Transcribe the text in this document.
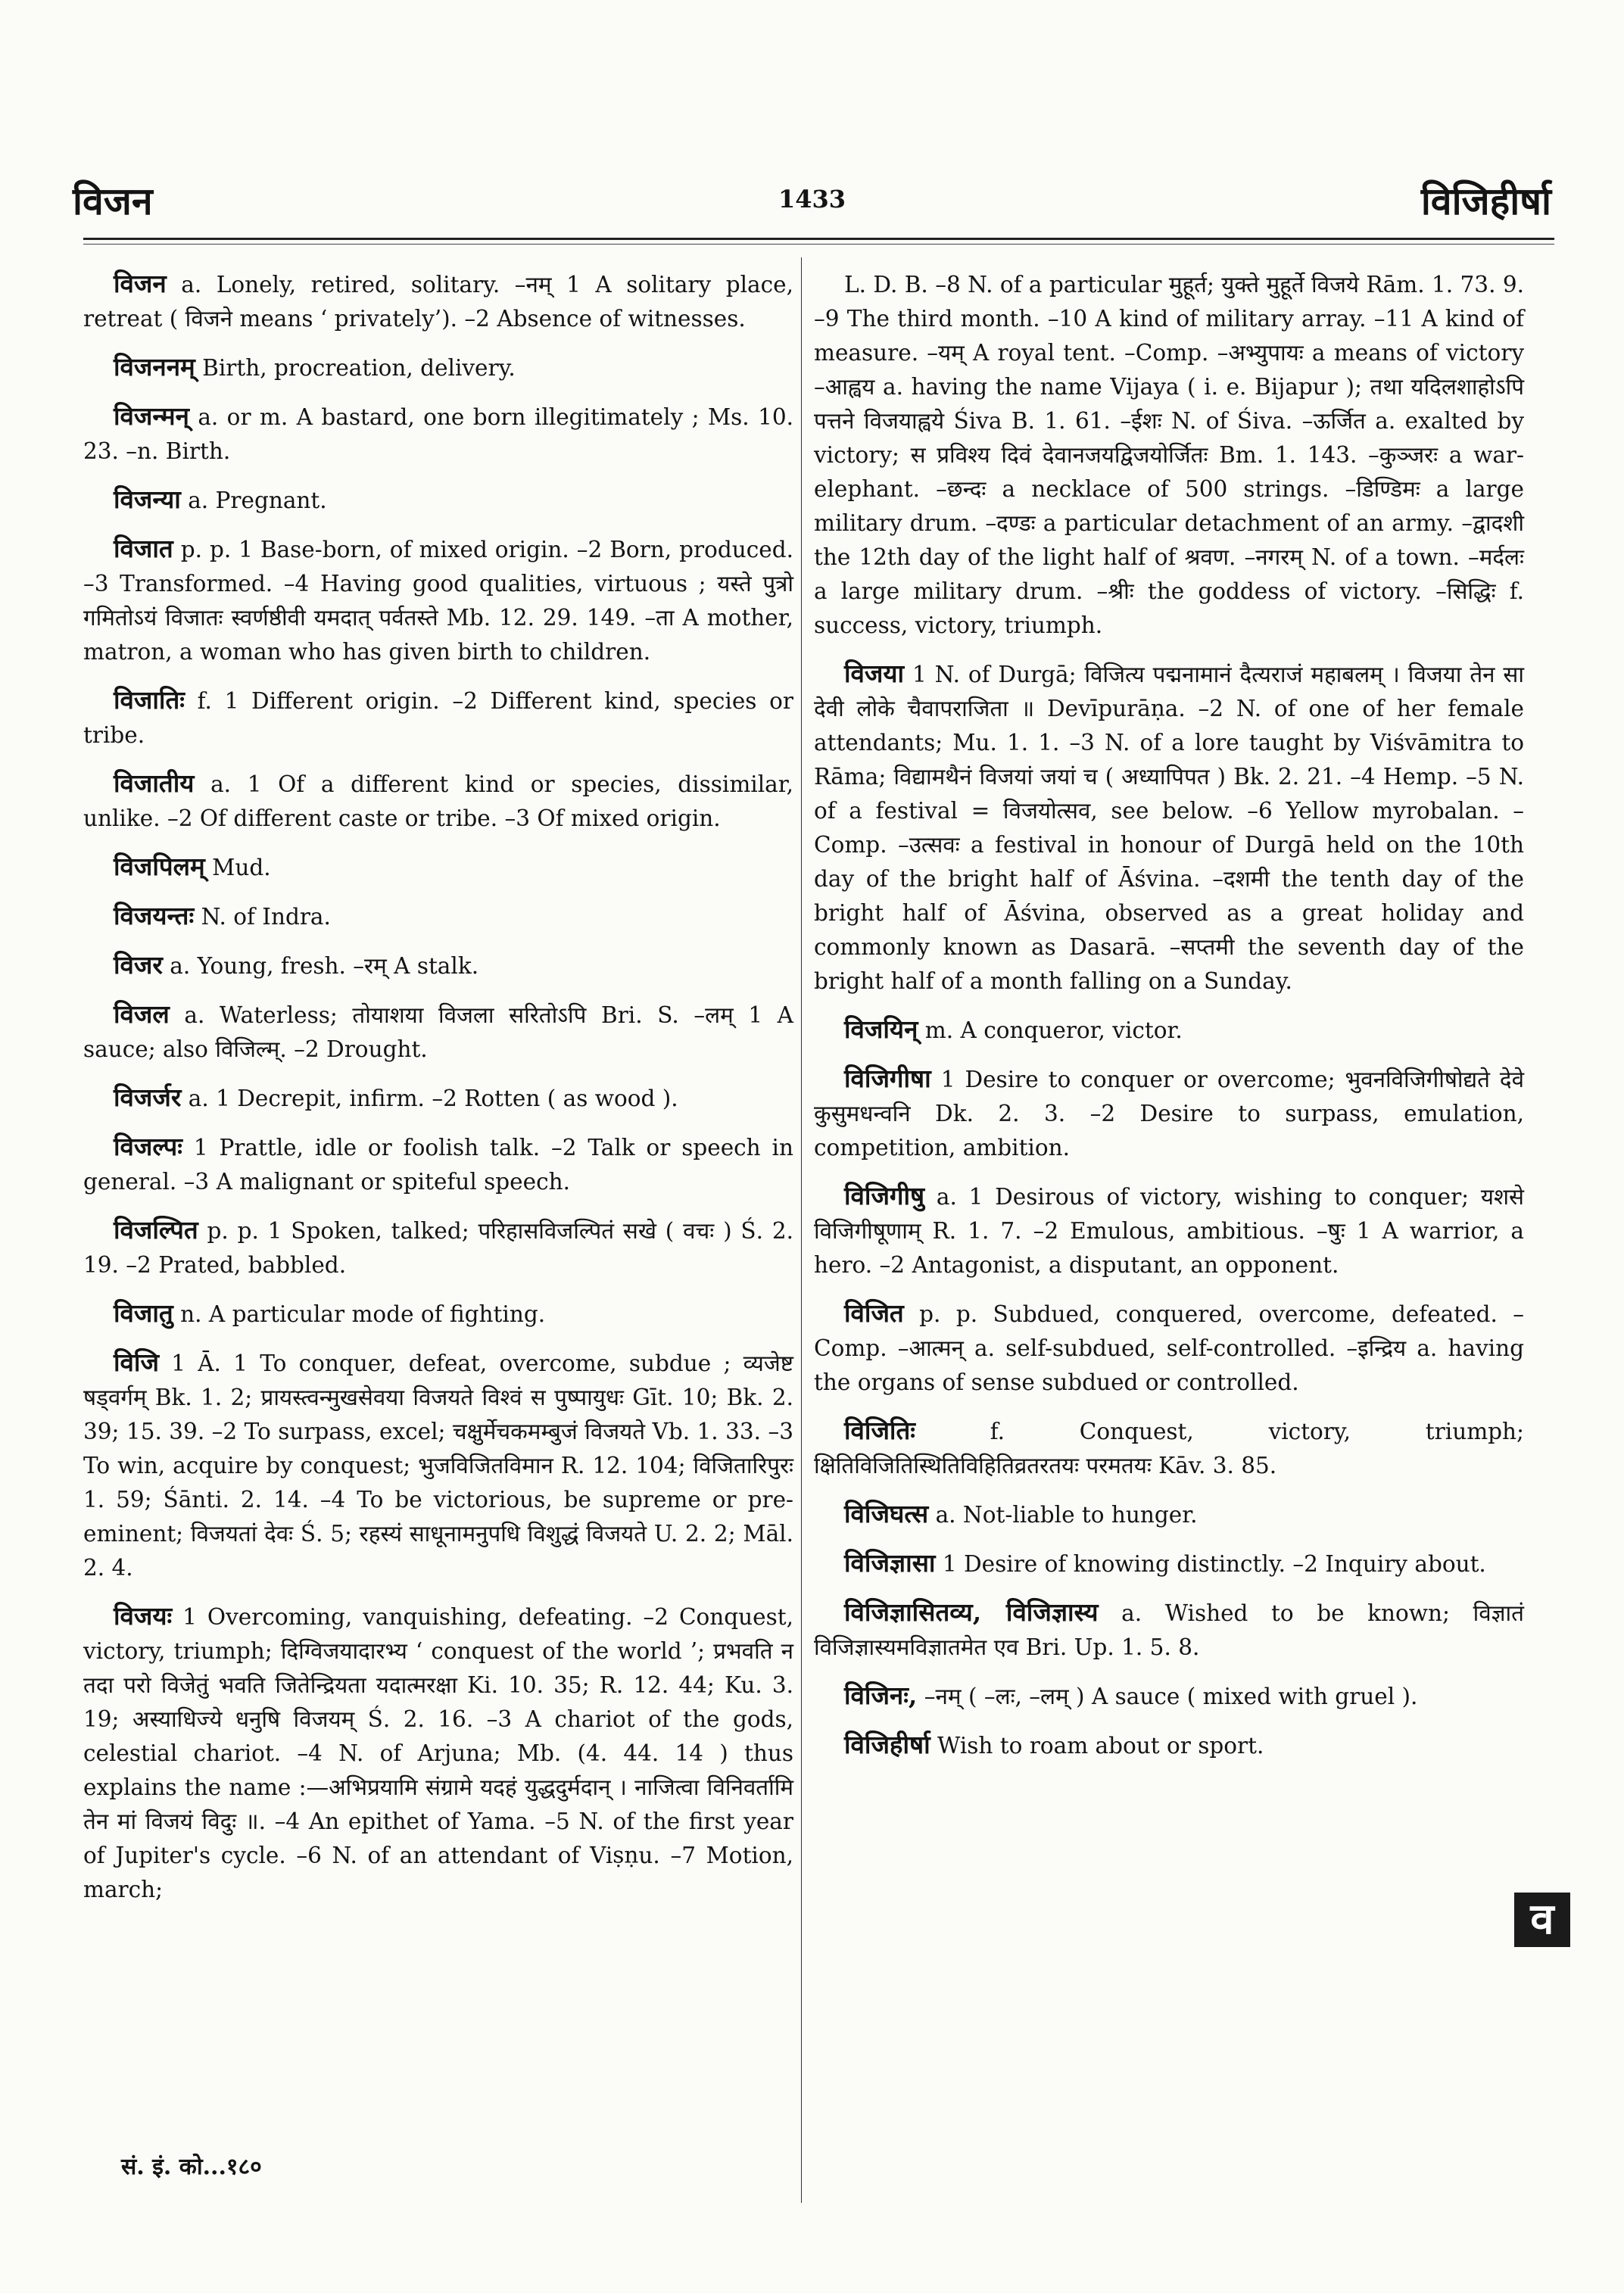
विजन	1433	विजिहीर्षा

विजन a. Lonely, retired, solitary. –नम् 1 A solitary place, retreat ( विजने means ‘ privately’). –2 Absence of witnesses.

विजननम् Birth, procreation, delivery.

विजन्मन् a. or m. A bastard, one born illegitimately ; Ms. 10. 23. –n. Birth.

विजन्या a. Pregnant.

विजात p. p. 1 Base-born, of mixed origin. –2 Born, produced. –3 Transformed. –4 Having good qualities, virtuous ; यस्ते पुत्रो गमितोऽयं विजातः स्वर्णष्ठीवी यमदात् पर्वतस्ते Mb. 12. 29. 149. –ता A mother, matron, a woman who has given birth to children.

विजातिः f. 1 Different origin. –2 Different kind, species or tribe.

विजातीय a. 1 Of a different kind or species, dissimilar, unlike. –2 Of different caste or tribe. –3 Of mixed origin.

विजपिलम् Mud.

विजयन्तः N. of Indra.

विजर a. Young, fresh. –रम् A stalk.

विजल a. Waterless; तोयाशया विजला सरितोऽपि Bri. S. –लम् 1 A sauce; also विजिल्म्. –2 Drought.

विजर्जर a. 1 Decrepit, infirm. –2 Rotten ( as wood ).

विजल्पः 1 Prattle, idle or foolish talk. –2 Talk or speech in general. –3 A malignant or spiteful speech.

विजल्पित p. p. 1 Spoken, talked; परिहासविजल्पितं सखे ( वचः ) Ś. 2. 19. –2 Prated, babbled.

विजातु n. A particular mode of fighting.

विजि 1 Ā. 1 To conquer, defeat, overcome, subdue ; व्यजेष्ट षड्वर्गम् Bk. 1. 2; प्रायस्त्वन्मुखसेवया विजयते विश्वं स पुष्पायुधः Gīt. 10; Bk. 2. 39; 15. 39. –2 To surpass, excel; चक्षुर्मेचकमम्बुजं विजयते Vb. 1. 33. –3 To win, acquire by conquest; भुजविजितविमान R. 12. 104; विजितारिपुरः 1. 59; Śānti. 2. 14. –4 To be victorious, be supreme or pre-eminent; विजयतां देवः Ś. 5; रहस्यं साधूनामनुपधि विशुद्धं विजयते U. 2. 2; Māl. 2. 4.

विजयः 1 Overcoming, vanquishing, defeating. –2 Conquest, victory, triumph; दिग्विजयादारभ्य ‘ conquest of the world ’; प्रभवति न तदा परो विजेतुं भवति जितेन्द्रियता यदात्मरक्षा Ki. 10. 35; R. 12. 44; Ku. 3. 19; अस्याधिज्ये धनुषि विजयम् Ś. 2. 16. –3 A chariot of the gods, celestial chariot. –4 N. of Arjuna; Mb. (4. 44. 14 ) thus explains the name :—अभिप्रयामि संग्रामे यदहं युद्धदुर्मदान् । नाजित्वा विनिवर्तामि तेन मां विजयं विदुः ॥. –4 An epithet of Yama. –5 N. of the first year of Jupiter's cycle. –6 N. of an attendant of Viṣṇu. –7 Motion, march;

L. D. B. –8 N. of a particular मुहूर्त; युक्ते मुहूर्ते विजये Rām. 1. 73. 9. –9 The third month. –10 A kind of military array. –11 A kind of measure. –यम् A royal tent. –Comp. –अभ्युपायः a means of victory –आह्वय a. having the name Vijaya ( i. e. Bijapur ); तथा यदिलशाहोऽपि पत्तने विजयाह्वये Śiva B. 1. 61. –ईशः N. of Śiva. –ऊर्जित a. exalted by victory; स प्रविश्य दिवं देवानजयद्विजयोर्जितः Bm. 1. 143. –कुञ्जरः a war-elephant. –छन्दः a necklace of 500 strings. –डिण्डिमः a large military drum. –दण्डः a particular detachment of an army. –द्वादशी the 12th day of the light half of श्रवण. –नगरम् N. of a town. –मर्दलः a large military drum. –श्रीः the goddess of victory. –सिद्धिः f. success, victory, triumph.

विजया 1 N. of Durgā; विजित्य पद्मनामानं दैत्यराजं महाबलम् । विजया तेन सा देवी लोके चैवापराजिता ॥ Devīpurāṇa. –2 N. of one of her female attendants; Mu. 1. 1. –3 N. of a lore taught by Viśvāmitra to Rāma; विद्यामथैनं विजयां जयां च ( अध्यापिपत ) Bk. 2. 21. –4 Hemp. –5 N. of a festival = विजयोत्सव, see below. –6 Yellow myrobalan. –Comp. –उत्सवः a festival in honour of Durgā held on the 10th day of the bright half of Āśvina. –दशमी the tenth day of the bright half of Āśvina, observed as a great holiday and commonly known as Dasarā. –सप्तमी the seventh day of the bright half of a month falling on a Sunday.

विजयिन् m. A conqueror, victor.

विजिगीषा 1 Desire to conquer or overcome; भुवनविजिगीषोद्यते देवे कुसुमधन्वनि Dk. 2. 3. –2 Desire to surpass, emulation, competition, ambition.

विजिगीषु a. 1 Desirous of victory, wishing to conquer; यशसे विजिगीषूणाम् R. 1. 7. –2 Emulous, ambitious. –षुः 1 A warrior, a hero. –2 Antagonist, a disputant, an opponent.

विजित p. p. Subdued, conquered, overcome, defeated. –Comp. –आत्मन् a. self-subdued, self-controlled. –इन्द्रिय a. having the organs of sense subdued or controlled.

विजितिः	f. Conquest, victory, triumph; क्षितिविजितिस्थितिविहितिव्रतरतयः परमतयः Kāv. 3. 85.

विजिघत्स a. Not-liable to hunger.

विजिज्ञासा 1 Desire of knowing distinctly. –2 Inquiry about.

विजिज्ञासितव्य, विजिज्ञास्य a. Wished to be known; विज्ञातं विजिज्ञास्यमविज्ञातमेत एव Bri. Up. 1. 5. 8.

विजिनः, –नम् ( –लः, –लम् ) A sauce ( mixed with gruel ).

विजिहीर्षा Wish to roam about or sport.

सं. इं. को...१८०
व
